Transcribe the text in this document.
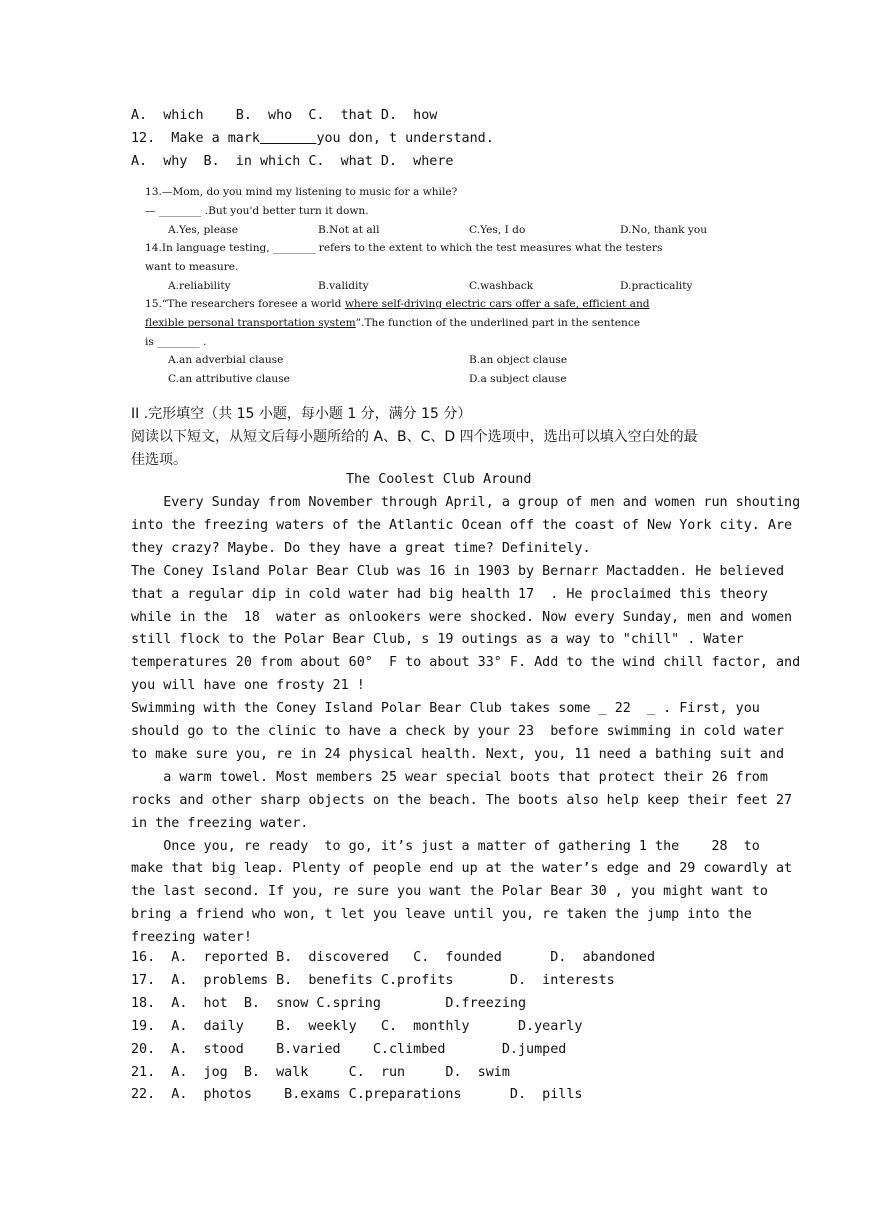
A.  which    B.  who  C.  that D.  how
12.  Make a mark	you don, t understand.
A.  why  B.  in which C.  what D.  where
13.—Mom, do you mind my listening to music for a while?
— ________ .But you'd better turn it down.
A.Yes, please	B.Not at all	C.Yes, I do	D.No, thank you
14.In language testing, ________ refers to the extent to which the test measures what the testers
want to measure.
A.reliability	B.validity	C.washback	D.practicality
15.“The researchers foresee a world where self-driving electric cars offer a safe, efficient and
flexible personal transportation system”.The function of the underlined part in the sentence
is ________ .
A.an adverbial clause	B.an object clause
C.an attributive clause	D.a subject clause
II .完形填空（共 15 小题，每小题 1 分，满分 15 分）
阅读以下短文，从短文后每小题所给的 A、B、C、D 四个选项中，选出可以填入空白处的最
佳选项。
The Coolest Club Around
Every Sunday from November through April, a group of men and women run shouting
into the freezing waters of the Atlantic Ocean off the coast of New York city. Are
they crazy? Maybe. Do they have a great time? Definitely.
The Coney Island Polar Bear Club was 16 in 1903 by Bernarr Mactadden. He believed
that a regular dip in cold water had big health 17  . He proclaimed this theory
while in the  18  water as onlookers were shocked. Now every Sunday, men and women
still flock to the Polar Bear Club, s 19 outings as a way to "chill" . Water
temperatures 20 from about 60°  F to about 33° F. Add to the wind chill factor, and
you will have one frosty 21 !
Swimming with the Coney Island Polar Bear Club takes some _ 22  _ . First, you
should go to the clinic to have a check by your 23  before swimming in cold water
to make sure you, re in 24 physical health. Next, you, 11 need a bathing suit and
a warm towel. Most members 25 wear special boots that protect their 26 from
rocks and other sharp objects on the beach. The boots also help keep their feet 27
in the freezing water.
Once you, re ready  to go, it’s just a matter of gathering 1 the    28  to
make that big leap. Plenty of people end up at the water’s edge and 29 cowardly at
the last second. If you, re sure you want the Polar Bear 30 , you might want to
bring a friend who won, t let you leave until you, re taken the jump into the
freezing water!
16.  A.  reported B.  discovered   C.  founded      D.  abandoned
17.  A.  problems B.  benefits C.profits       D.  interests
18.  A.  hot  B.  snow C.spring        D.freezing
19.  A.  daily    B.  weekly   C.  monthly      D.yearly
20.  A.  stood    B.varied    C.climbed       D.jumped
21.  A.  jog  B.  walk     C.  run     D.  swim
22.  A.  photos    B.exams C.preparations      D.  pills
